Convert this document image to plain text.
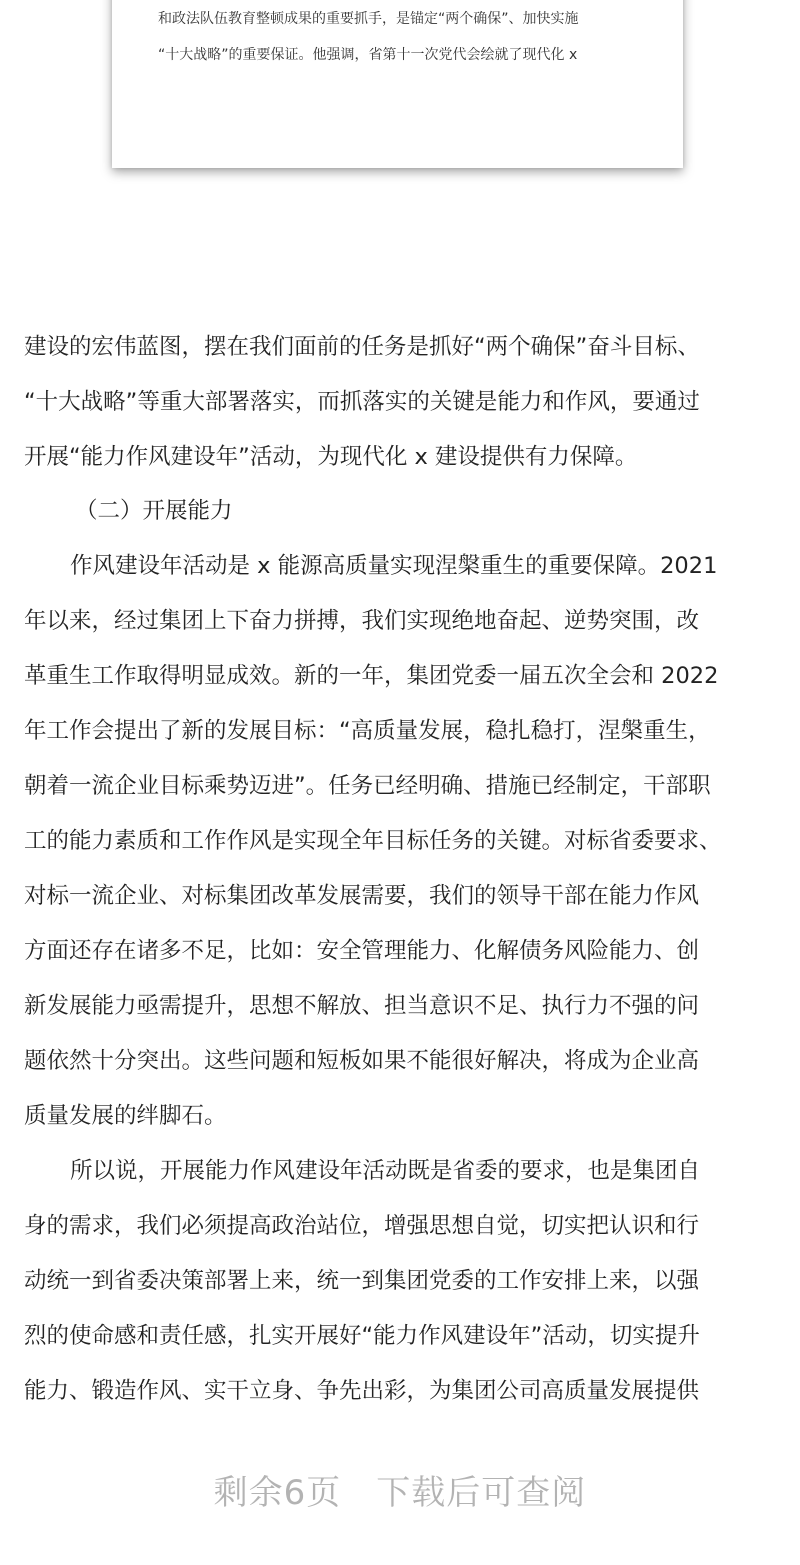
和政法队伍教育整顿成果的重要抓手，是锚定“两个确保”、加快实施
“十大战略”的重要保证。他强调，省第十一次党代会绘就了现代化 x
建设的宏伟蓝图，摆在我们面前的任务是抓好“两个确保”奋斗目标、
“十大战略”等重大部署落实，而抓落实的关键是能力和作风，要通过
开展“能力作风建设年”活动，为现代化 x 建设提供有力保障。
（二）开展能力
作风建设年活动是 x 能源高质量实现涅槃重生的重要保障。2021
年以来，经过集团上下奋力拼搏，我们实现绝地奋起、逆势突围，改
革重生工作取得明显成效。新的一年，集团党委一届五次全会和 2022
年工作会提出了新的发展目标：“高质量发展，稳扎稳打，涅槃重生，
朝着一流企业目标乘势迈进”。任务已经明确、措施已经制定，干部职
工的能力素质和工作作风是实现全年目标任务的关键。对标省委要求、
对标一流企业、对标集团改革发展需要，我们的领导干部在能力作风
方面还存在诸多不足，比如：安全管理能力、化解债务风险能力、创
新发展能力亟需提升，思想不解放、担当意识不足、执行力不强的问
题依然十分突出。这些问题和短板如果不能很好解决，将成为企业高
质量发展的绊脚石。
所以说，开展能力作风建设年活动既是省委的要求，也是集团自
身的需求，我们必须提高政治站位，增强思想自觉，切实把认识和行
动统一到省委决策部署上来，统一到集团党委的工作安排上来，以强
烈的使命感和责任感，扎实开展好“能力作风建设年”活动，切实提升
能力、锻造作风、实干立身、争先出彩，为集团公司高质量发展提供
剩余6页　下载后可查阅
